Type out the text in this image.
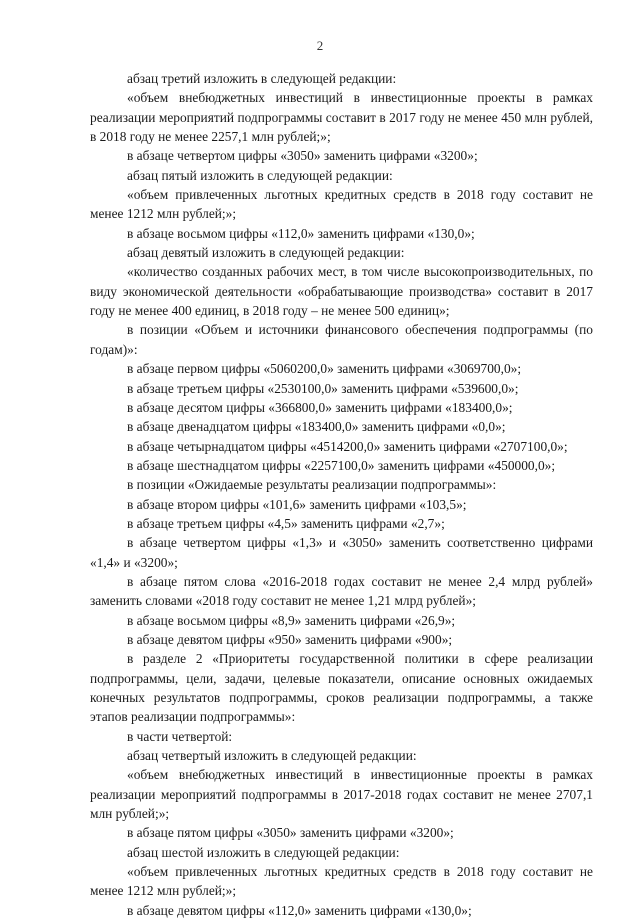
2

абзац третий изложить в следующей редакции:

«объем внебюджетных инвестиций в инвестиционные проекты в рамках реализации мероприятий подпрограммы составит в 2017 году не менее 450 млн рублей, в 2018 году не менее 2257,1 млн рублей;»;

в абзаце четвертом цифры «3050» заменить цифрами «3200»;

абзац пятый изложить в следующей редакции:

«объем привлеченных льготных кредитных средств в 2018 году составит не менее 1212 млн рублей;»;

в абзаце восьмом цифры «112,0» заменить цифрами «130,0»;

абзац девятый изложить в следующей редакции:

«количество созданных рабочих мест, в том числе высокопроизводительных, по виду экономической деятельности «обрабатывающие производства» составит в 2017 году не менее 400 единиц, в 2018 году – не менее 500 единиц»;

в позиции «Объем и источники финансового обеспечения подпрограммы (по годам)»:

в абзаце первом цифры «5060200,0» заменить цифрами «3069700,0»;

в абзаце третьем цифры «2530100,0» заменить цифрами «539600,0»;

в абзаце десятом цифры «366800,0» заменить цифрами «183400,0»;

в абзаце двенадцатом цифры «183400,0» заменить цифрами «0,0»;

в абзаце четырнадцатом цифры «4514200,0» заменить цифрами «2707100,0»;

в абзаце шестнадцатом цифры «2257100,0» заменить цифрами «450000,0»;

в позиции «Ожидаемые результаты реализации подпрограммы»:

в абзаце втором цифры «101,6» заменить цифрами «103,5»;

в абзаце третьем цифры «4,5» заменить цифрами «2,7»;

в абзаце четвертом цифры «1,3» и «3050» заменить соответственно цифрами «1,4» и «3200»;

в абзаце пятом слова «2016-2018 годах составит не менее 2,4 млрд рублей» заменить словами «2018 году составит не менее 1,21 млрд рублей»;

в абзаце восьмом цифры «8,9» заменить цифрами «26,9»;

в абзаце девятом цифры «950» заменить цифрами «900»;

в разделе 2 «Приоритеты государственной политики в сфере реализации подпрограммы, цели, задачи, целевые показатели, описание основных ожидаемых конечных результатов подпрограммы, сроков реализации подпрограммы, а также этапов реализации подпрограммы»:

в части четвертой:

абзац четвертый изложить в следующей редакции:

«объем внебюджетных инвестиций в инвестиционные проекты в рамках реализации мероприятий подпрограммы в 2017-2018 годах составит не менее 2707,1 млн рублей;»;

в абзаце пятом цифры «3050» заменить цифрами «3200»;

абзац шестой изложить в следующей редакции:

«объем привлеченных льготных кредитных средств в 2018 году составит не менее 1212 млн рублей;»;

в абзаце девятом цифры «112,0» заменить цифрами «130,0»;
